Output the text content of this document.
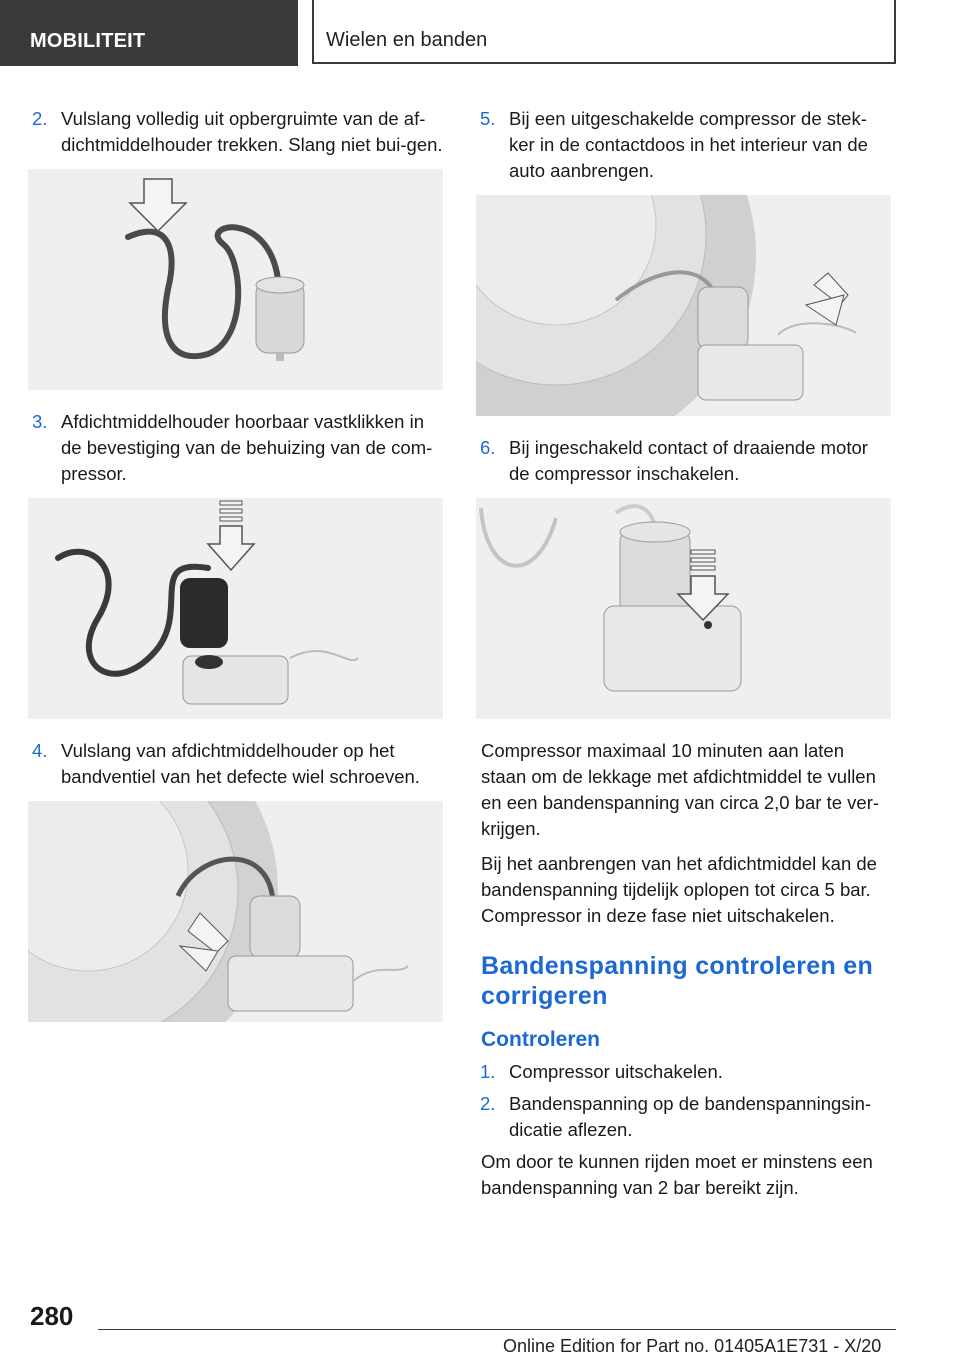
MOBILITEIT	Wielen en banden
2. Vulslang volledig uit opbergruimte van de af-dichtmiddelhouder trekken. Slang niet bui-gen.
3. Afdichtmiddelhouder hoorbaar vastklikken in de bevestiging van de behuizing van de com-pressor.
4. Vulslang van afdichtmiddelhouder op het bandventiel van het defecte wiel schroeven.
5. Bij een uitgeschakelde compressor de stek-ker in de contactdoos in het interieur van de auto aanbrengen.
6. Bij ingeschakeld contact of draaiende motor de compressor inschakelen.
Compressor maximaal 10 minuten aan laten staan om de lekkage met afdichtmiddel te vullen en een bandenspanning van circa 2,0 bar te ver-krijgen.
Bij het aanbrengen van het afdichtmiddel kan de bandenspanning tijdelijk oplopen tot circa 5 bar. Compressor in deze fase niet uitschakelen.
Bandenspanning controleren en corrigeren
Controleren
1. Compressor uitschakelen.
2. Bandenspanning op de bandenspanningsin-dicatie aflezen.
Om door te kunnen rijden moet er minstens een bandenspanning van 2 bar bereikt zijn.
280
Online Edition for Part no. 01405A1E731 - X/20
